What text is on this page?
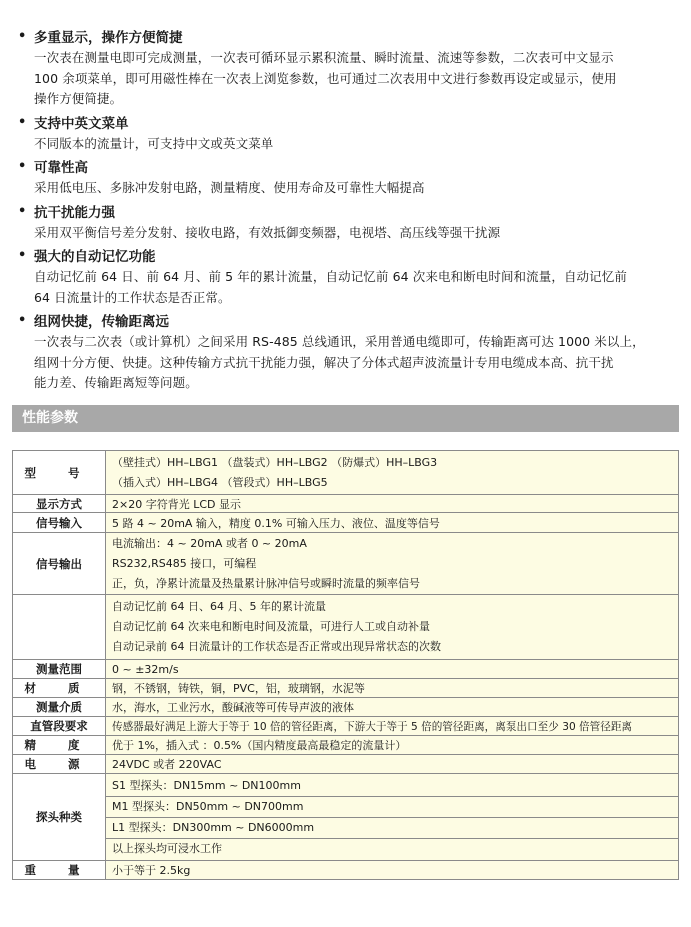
• 多重显示，操作方便简捷
一次表在测量电即可完成测量，一次表可循环显示累积流量、瞬时流量、流速等参数，二次表可中文显示
100 余项菜单，即可用磁性棒在一次表上浏览参数，也可通过二次表用中文进行参数再设定或显示，使用
操作方便简捷。
• 支持中英文菜单
不同版本的流量计，可支持中文或英文菜单
• 可靠性高
采用低电压、多脉冲发射电路，测量精度、使用寿命及可靠性大幅提高
• 抗干扰能力强
采用双平衡信号差分发射、接收电路，有效抵御变频器，电视塔、高压线等强干扰源
• 强大的自动记忆功能
自动记忆前 64 日、前 64 月、前 5 年的累计流量，自动记忆前 64 次来电和断电时间和流量，自动记忆前
64 日流量计的工作状态是否正常。
• 组网快捷，传输距离远
一次表与二次表（或计算机）之间采用 RS-485 总线通讯，采用普通电缆即可，传输距离可达 1000 米以上，
组网十分方便、快捷。这种传输方式抗干扰能力强，解决了分体式超声波流量计专用电缆成本高、抗干扰
能力差、传输距离短等问题。
性能参数
型 号	（壁挂式）HH–LBG1 （盘装式）HH–LBG2 （防爆式）HH–LBG3
（插入式）HH–LBG4 （管段式）HH–LBG5

显示方式	2×20 字符背光 LCD 显示
信号输入	5 路 4 ~ 20mA 输入，精度 0.1% 可输入压力、液位、温度等信号
信号输出	电流输出：4 ~ 20mA 或者 0 ~ 20mA
RS232,RS485 接口，可编程
正，负，净累计流量及热量累计脉冲信号或瞬时流量的频率信号

	自动记忆前 64 日、64 月、5 年的累计流量
自动记忆前 64 次来电和断电时间及流量，可进行人工或自动补量
自动记录前 64 日流量计的工作状态是否正常或出现异常状态的次数

测量范围	0 ~ ±32m/s
材 质	钢，不锈钢，铸铁，铜，PVC，铝，玻璃钢，水泥等
测量介质	水，海水，工业污水，酸碱液等可传导声波的液体
直管段要求	传感器最好满足上游大于等于 10 倍的管径距离，下游大于等于 5 倍的管径距离，离泵出口至少 30 倍管径距离
精 度	优于 1%，插入式 ：0.5%（国内精度最高最稳定的流量计）
电 源	24VDC 或者 220VAC
探头种类	S1 型探头：DN15mm ~ DN100mm
M1 型探头：DN50mm ~ DN700mm
L1 型探头：DN300mm ~ DN6000mm
以上探头均可浸水工作

重 量	小于等于 2.5kg
